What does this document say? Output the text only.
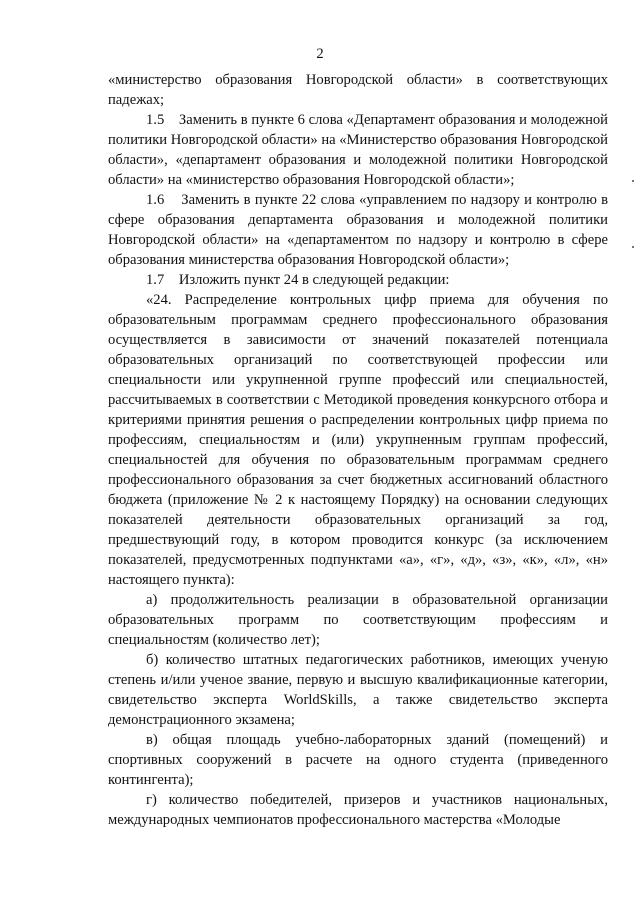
2

«министерство образования Новгородской области» в соответствующих падежах;

1.5    Заменить в пункте 6 слова «Департамент образования и молодежной политики Новгородской области» на «Министерство образования Новгородской области», «департамент образования и молодежной политики Новгородской области» на «министерство образования Новгородской области»;

1.6    Заменить в пункте 22 слова «управлением по надзору и контролю в сфере образования департамента образования и молодежной политики Новгородской области» на «департаментом по надзору и контролю в сфере образования министерства образования Новгородской области»;

1.7    Изложить пункт 24 в следующей редакции:

«24. Распределение контрольных цифр приема для обучения по образовательным программам среднего профессионального образования осуществляется в зависимости от значений показателей потенциала образовательных организаций по соответствующей профессии или специальности или укрупненной группе профессий или специальностей, рассчитываемых в соответствии с Методикой проведения конкурсного отбора и критериями принятия решения о распределении контрольных цифр приема по профессиям, специальностям и (или) укрупненным группам профессий, специальностей для обучения по образовательным программам среднего профессионального образования за счет бюджетных ассигнований областного бюджета (приложение № 2 к настоящему Порядку) на основании следующих показателей деятельности образовательных организаций за год, предшествующий году, в котором проводится конкурс (за исключением показателей, предусмотренных подпунктами «а», «г», «д», «з», «к», «л», «н» настоящего пункта):

а) продолжительность реализации в образовательной организации образовательных программ по соответствующим профессиям и специальностям (количество лет);

б) количество штатных педагогических работников, имеющих ученую степень и/или ученое звание, первую и высшую квалификационные категории, свидетельство эксперта WorldSkills, а также свидетельство эксперта демонстрационного экзамена;

в) общая площадь учебно-лабораторных зданий (помещений) и спортивных сооружений в расчете на одного студента (приведенного контингента);

г) количество победителей, призеров и участников национальных, международных чемпионатов профессионального мастерства «Молодые
